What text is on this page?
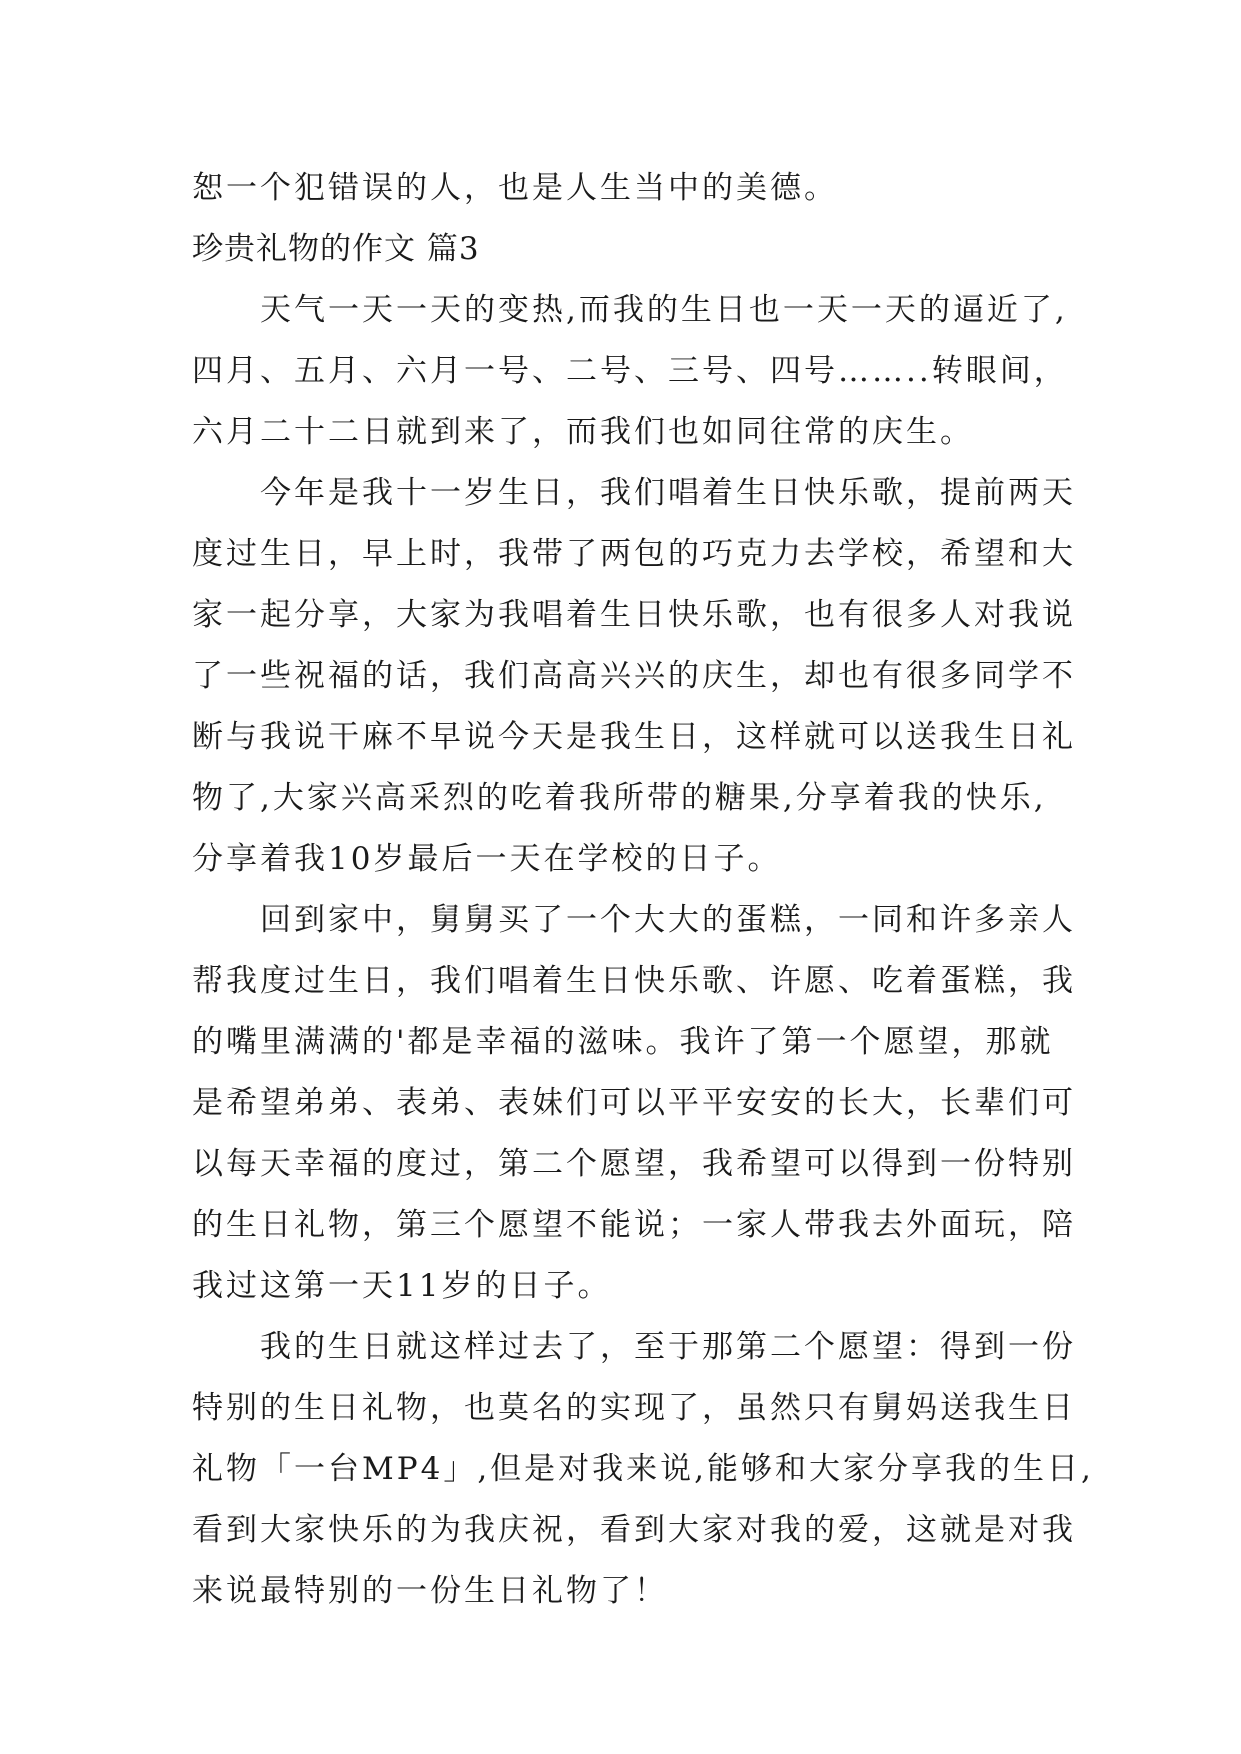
恕一个犯错误的人，也是人生当中的美德。
珍贵礼物的作文 篇3
　　天气一天一天的变热,而我的生日也一天一天的逼近了,
四月、五月、六月一号、二号、三号、四号……..转眼间，
六月二十二日就到来了，而我们也如同往常的庆生。
　　今年是我十一岁生日，我们唱着生日快乐歌，提前两天
度过生日，早上时，我带了两包的巧克力去学校，希望和大
家一起分享，大家为我唱着生日快乐歌，也有很多人对我说
了一些祝福的话，我们高高兴兴的庆生，却也有很多同学不
断与我说干麻不早说今天是我生日，这样就可以送我生日礼
物了,大家兴高采烈的吃着我所带的糖果,分享着我的快乐,
分享着我10岁最后一天在学校的日子。
　　回到家中，舅舅买了一个大大的蛋糕，一同和许多亲人
帮我度过生日，我们唱着生日快乐歌、许愿、吃着蛋糕，我
的嘴里满满的'都是幸福的滋味。我许了第一个愿望，那就
是希望弟弟、表弟、表妹们可以平平安安的长大，长辈们可
以每天幸福的度过，第二个愿望，我希望可以得到一份特别
的生日礼物，第三个愿望不能说；一家人带我去外面玩，陪
我过这第一天11岁的日子。
　　我的生日就这样过去了，至于那第二个愿望：得到一份
特别的生日礼物，也莫名的实现了，虽然只有舅妈送我生日
礼物「一台MP4」,但是对我来说,能够和大家分享我的生日,
看到大家快乐的为我庆祝，看到大家对我的爱，这就是对我
来说最特别的一份生日礼物了！
